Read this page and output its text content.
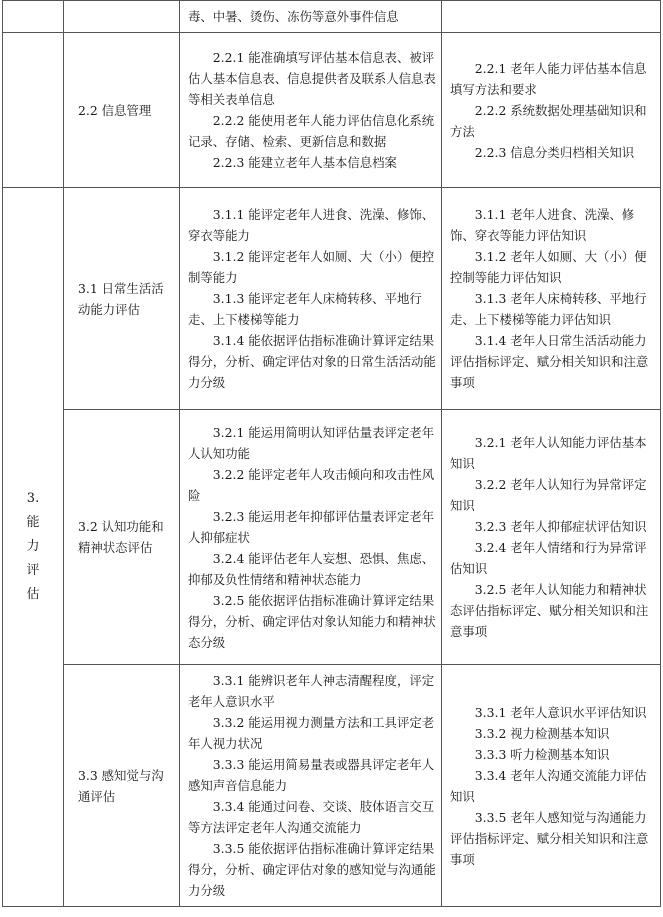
		毒、中暑、烫伤、冻伤等意外事件信息	

	2.2 信息管理	2.2.1 能准确填写评估基本信息表、被评估人基本信息表、信息提供者及联系人信息表等相关表单信息
2.2.2 能使用老年人能力评估信息化系统记录、存储、检索、更新信息和数据
2.2.3 能建立老年人基本信息档案	2.2.1 老年人能力评估基本信息填写方法和要求
2.2.2 系统数据处理基础知识和方法
2.2.3 信息分类归档相关知识

3. 能力评估	3.1 日常生活活动能力评估	3.1.1 能评定老年人进食、洗澡、修饰、穿衣等能力
3.1.2 能评定老年人如厕、大（小）便控制等能力
3.1.3 能评定老年人床椅转移、平地行走、上下楼梯等能力
3.1.4 能依据评估指标准确计算评定结果得分，分析、确定评估对象的日常生活活动能力分级	3.1.1 老年人进食、洗澡、修饰、穿衣等能力评估知识
3.1.2 老年人如厕、大（小）便控制等能力评估知识
3.1.3 老年人床椅转移、平地行走、上下楼梯等能力评估知识
3.1.4 老年人日常生活活动能力评估指标评定、赋分相关知识和注意事项

	3.2 认知功能和精神状态评估	3.2.1 能运用简明认知评估量表评定老年人认知功能
3.2.2 能评定老年人攻击倾向和攻击性风险
3.2.3 能运用老年抑郁评估量表评定老年人抑郁症状
3.2.4 能评估老年人妄想、恐惧、焦虑、抑郁及负性情绪和精神状态能力
3.2.5 能依据评估指标准确计算评定结果得分，分析、确定评估对象认知能力和精神状态分级	3.2.1 老年人认知能力评估基本知识
3.2.2 老年人认知行为异常评定知识
3.2.3 老年人抑郁症状评估知识
3.2.4 老年人情绪和行为异常评估知识
3.2.5 老年人认知能力和精神状态评估指标评定、赋分相关知识和注意事项

	3.3 感知觉与沟通评估	3.3.1 能辨识老年人神志清醒程度，评定老年人意识水平
3.3.2 能运用视力测量方法和工具评定老年人视力状况
3.3.3 能运用简易量表或器具评定老年人感知声音信息能力
3.3.4 能通过问卷、交谈、肢体语言交互等方法评定老年人沟通交流能力
3.3.5 能依据评估指标准确计算评定结果得分，分析、确定评估对象的感知觉与沟通能力分级	3.3.1 老年人意识水平评估知识
3.3.2 视力检测基本知识
3.3.3 听力检测基本知识
3.3.4 老年人沟通交流能力评估知识
3.3.5 老年人感知觉与沟通能力评估指标评定、赋分相关知识和注意事项
